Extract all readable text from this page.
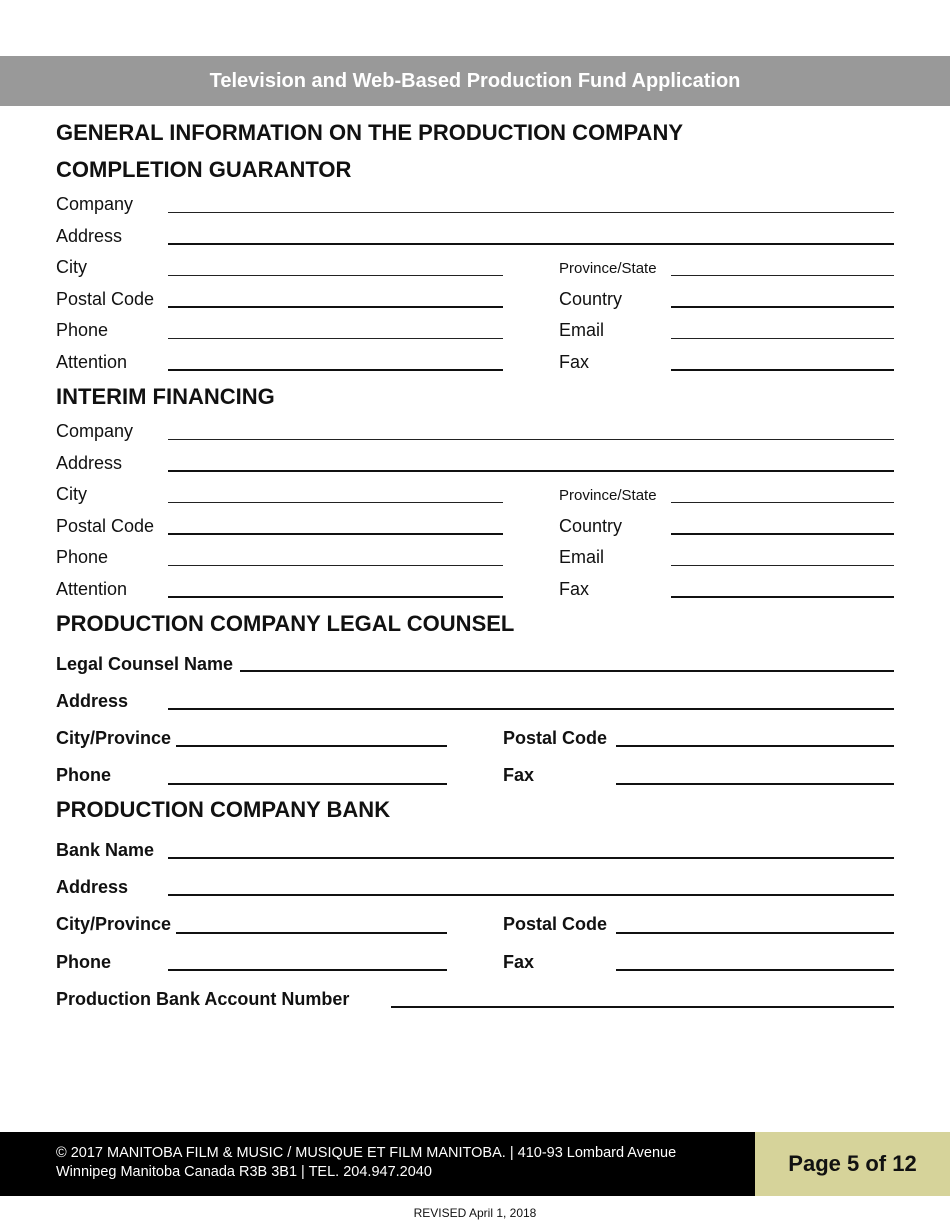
Television and Web-Based Production Fund Application
GENERAL INFORMATION ON THE PRODUCTION COMPANY
COMPLETION GUARANTOR
Company
Address
City	Province/State
Postal Code	Country
Phone	Email
Attention	Fax
INTERIM FINANCING
Company
Address
City	Province/State
Postal Code	Country
Phone	Email
Attention	Fax
PRODUCTION COMPANY LEGAL COUNSEL
Legal Counsel Name
Address
City/Province	Postal Code
Phone	Fax
PRODUCTION COMPANY BANK
Bank Name
Address
City/Province	Postal Code
Phone	Fax
Production Bank Account Number
© 2017 MANITOBA FILM & MUSIC / MUSIQUE ET FILM MANITOBA. | 410-93 Lombard Avenue Winnipeg Manitoba Canada R3B 3B1 | TEL. 204.947.2040	Page 5 of 12
REVISED April 1, 2018
